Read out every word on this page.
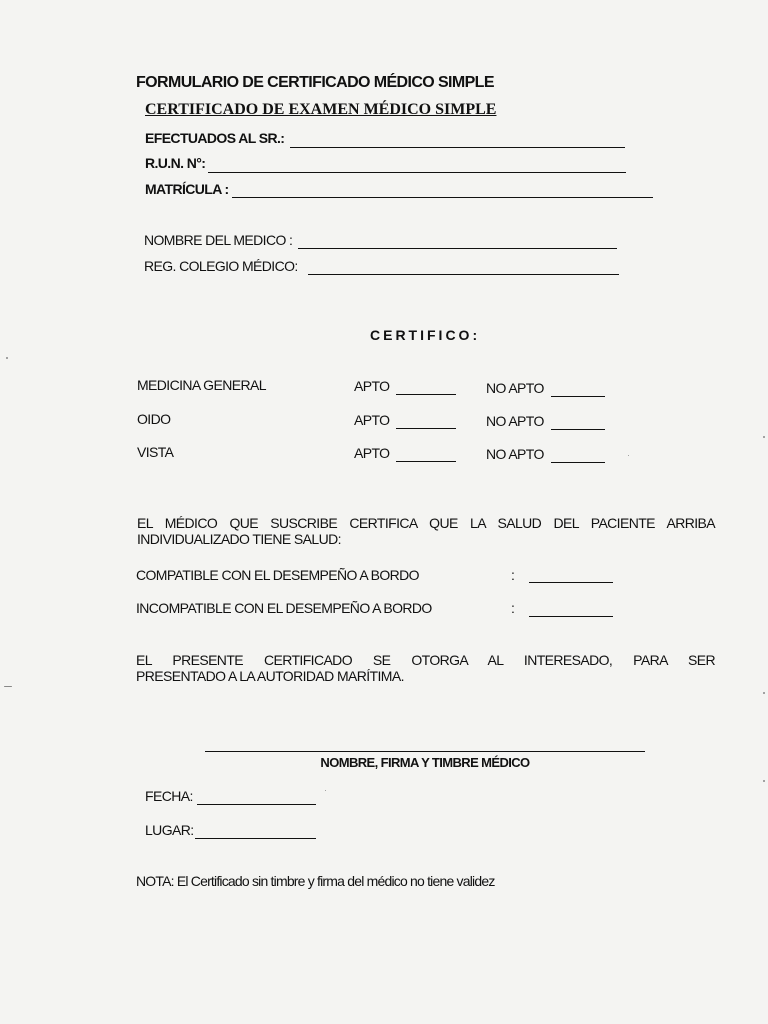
FORMULARIO DE CERTIFICADO MÉDICO SIMPLE
CERTIFICADO DE EXAMEN MÉDICO SIMPLE
EFECTUADOS AL SR.:
R.U.N. N°:
MATRÍCULA :
NOMBRE DEL MEDICO :
REG. COLEGIO MÉDICO:
CERTIFICO:
MEDICINA GENERAL	APTO	NO APTO
OIDO	APTO	NO APTO
VISTA	APTO	NO APTO
EL MÉDICO QUE SUSCRIBE CERTIFICA QUE LA SALUD DEL PACIENTE ARRIBA
INDIVIDUALIZADO TIENE SALUD:
COMPATIBLE CON EL DESEMPEÑO A BORDO	:
INCOMPATIBLE CON EL DESEMPEÑO A BORDO	:
EL PRESENTE CERTIFICADO SE OTORGA AL INTERESADO, PARA SER
PRESENTADO A LA AUTORIDAD MARÍTIMA.
NOMBRE, FIRMA Y TIMBRE MÉDICO
FECHA:
LUGAR:
NOTA: El Certificado sin timbre y firma del médico no tiene validez
